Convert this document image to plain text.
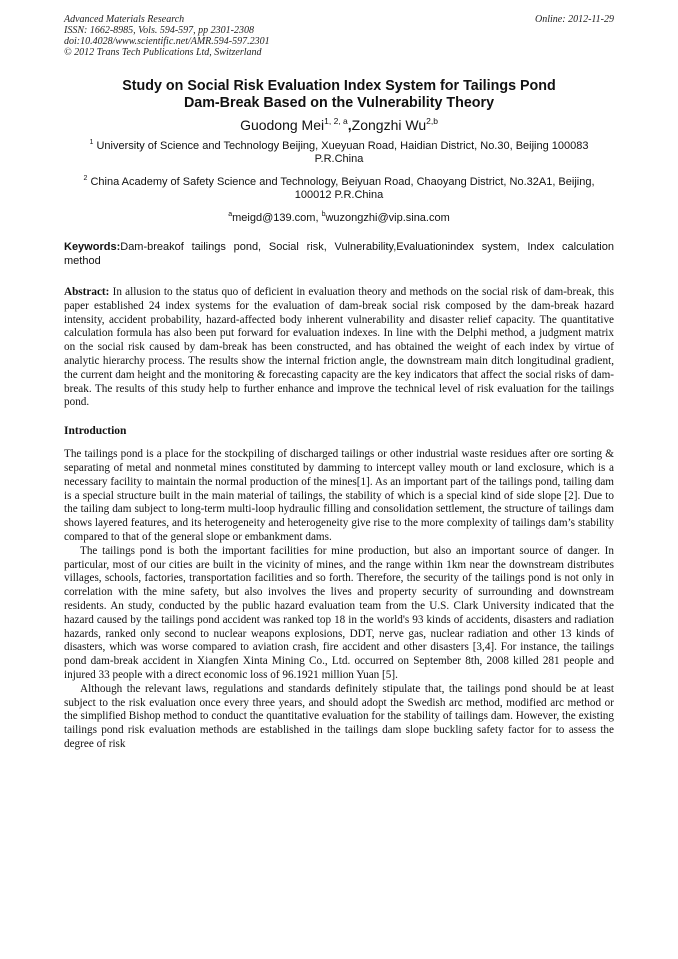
Advanced Materials Research
ISSN: 1662-8985, Vols. 594-597, pp 2301-2308
doi:10.4028/www.scientific.net/AMR.594-597.2301
© 2012 Trans Tech Publications Ltd, Switzerland
Online: 2012-11-29
Study on Social Risk Evaluation Index System for Tailings Pond
Dam-Break Based on the Vulnerability Theory
Guodong Mei$^{1, 2, a}$,Zongzhi Wu$^{2,b}$
$^1$ University of Science and Technology Beijing, Xueyuan Road, Haidian District, No.30, Beijing 100083 P.R.China
$^2$ China Academy of Safety Science and Technology, Beiyuan Road, Chaoyang District, No.32A1, Beijing, 100012 P.R.China
$^a$meigd@139.com, $^b$wuzongzhi@vip.sina.com
Keywords:Dam-breakof tailings pond, Social risk, Vulnerability,Evaluationindex system, Index calculation method
Abstract: In allusion to the status quo of deficient in evaluation theory and methods on the social risk of dam-break, this paper established 24 index systems for the evaluation of dam-break social risk composed by the dam-break hazard intensity, accident probability, hazard-affected body inherent vulnerability and disaster relief capacity. The quantitative calculation formula has also been put forward for evaluation indexes. In line with the Delphi method, a judgment matrix on the social risk caused by dam-break has been constructed, and has obtained the weight of each index by virtue of analytic hierarchy process. The results show the internal friction angle, the downstream main ditch longitudinal gradient, the current dam height and the monitoring & forecasting capacity are the key indicators that affect the social risks of dam-break. The results of this study help to further enhance and improve the technical level of risk evaluation for the tailings pond.
Introduction

The tailings pond is a place for the stockpiling of discharged tailings or other industrial waste residues after ore sorting & separating of metal and nonmetal mines constituted by damming to intercept valley mouth or land exclosure, which is a necessary facility to maintain the normal production of the mines[1]. As an important part of the tailings pond, tailing dam is a special structure built in the main material of tailings, the stability of which is a special kind of side slope [2]. Due to the tailing dam subject to long-term multi-loop hydraulic filling and consolidation settlement, the structure of tailings dam shows layered features, and its heterogeneity and heterogeneity give rise to the more complexity of tailings dam’s stability compared to that of the general slope or embankment dams.

The tailings pond is both the important facilities for mine production, but also an important source of danger. In particular, most of our cities are built in the vicinity of mines, and the range within 1km near the downstream distributes villages, schools, factories, transportation facilities and so forth. Therefore, the security of the tailings pond is not only in correlation with the mine safety, but also involves the lives and property security of surrounding and downstream residents. An study, conducted by the public hazard evaluation team from the U.S. Clark University indicated that the hazard caused by the tailings pond accident was ranked top 18 in the world's 93 kinds of accidents, disasters and radiation hazards, ranked only second to nuclear weapons explosions, DDT, nerve gas, nuclear radiation and other 13 kinds of disasters, which was worse compared to aviation crash, fire accident and other disasters [3,4]. For instance, the tailings pond dam-break accident in Xiangfen Xinta Mining Co., Ltd. occurred on September 8th, 2008 killed 281 people and injured 33 people with a direct economic loss of 96.1921 million Yuan [5].

Although the relevant laws, regulations and standards definitely stipulate that, the tailings pond should be at least subject to the risk evaluation once every three years, and should adopt the Swedish arc method, modified arc method or the simplified Bishop method to conduct the quantitative evaluation for the stability of tailings dam. However, the existing tailings pond risk evaluation methods are established in the tailings dam slope buckling safety factor for to assess the degree of risk
